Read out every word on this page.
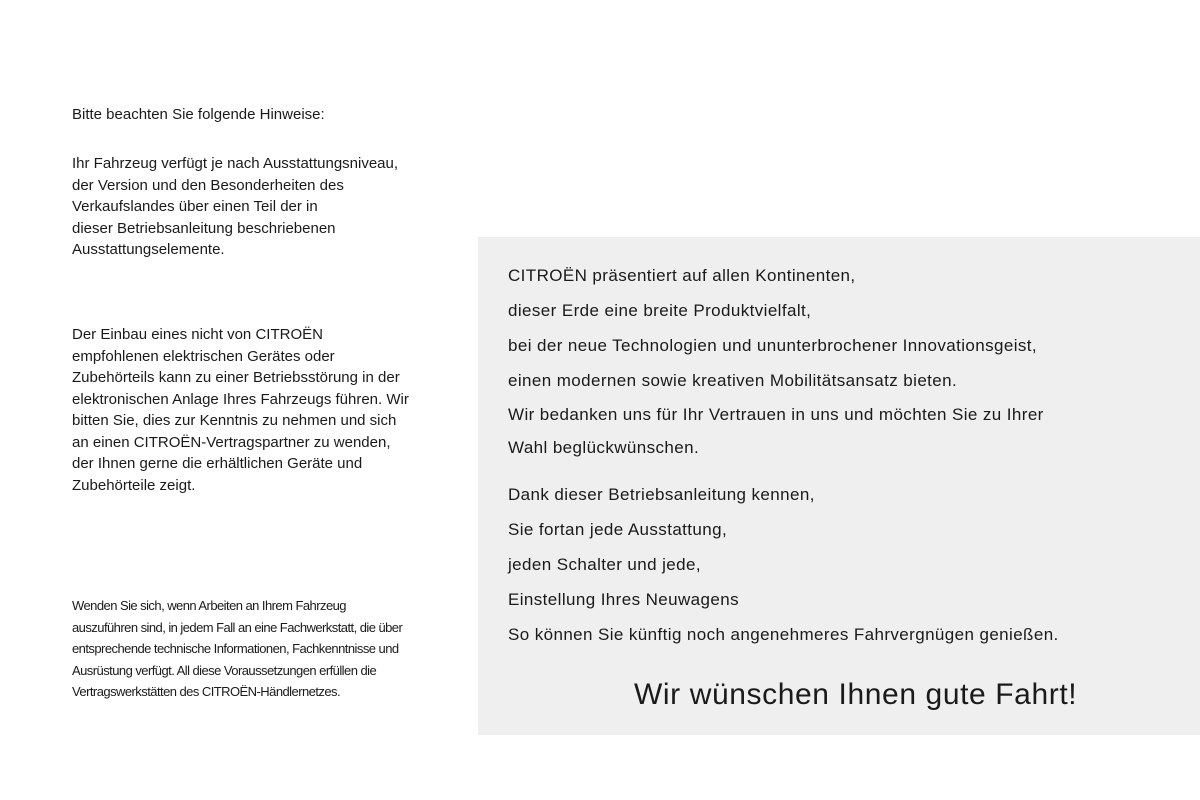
Bitte beachten Sie folgende Hinweise:
Ihr Fahrzeug verfügt je nach Ausstattungsniveau,
der Version und den Besonderheiten des
Verkaufslandes über einen Teil der in
dieser Betriebsanleitung beschriebenen
Ausstattungselemente.
Der Einbau eines nicht von CITROËN
empfohlenen elektrischen Gerätes oder
Zubehörteils kann zu einer Betriebsstörung in der
elektronischen Anlage Ihres Fahrzeugs führen. Wir
bitten Sie, dies zur Kenntnis zu nehmen und sich
an einen CITROËN-Vertragspartner zu wenden,
der Ihnen gerne die erhältlichen Geräte und
Zubehörteile zeigt.
Wenden Sie sich, wenn Arbeiten an Ihrem Fahrzeug
auszuführen sind, in jedem Fall an eine Fachwerkstatt, die über
entsprechende technische Informationen, Fachkenntnisse und
Ausrüstung verfügt. All diese Voraussetzungen erfüllen die
Vertragswerkstätten des CITROËN-Händlernetzes.
CITROËN präsentiert auf allen Kontinenten,
dieser Erde eine breite Produktvielfalt,
bei der neue Technologien und ununterbrochener Innovationsgeist,
einen modernen sowie kreativen Mobilitätsansatz bieten.
Wir bedanken uns für Ihr Vertrauen in uns und möchten Sie zu Ihrer
Wahl beglückwünschen.
Dank dieser Betriebsanleitung kennen,
Sie fortan jede Ausstattung,
jeden Schalter und jede,
Einstellung Ihres Neuwagens
So können Sie künftig noch angenehmeres Fahrvergnügen genießen.
Wir wünschen Ihnen gute Fahrt!
